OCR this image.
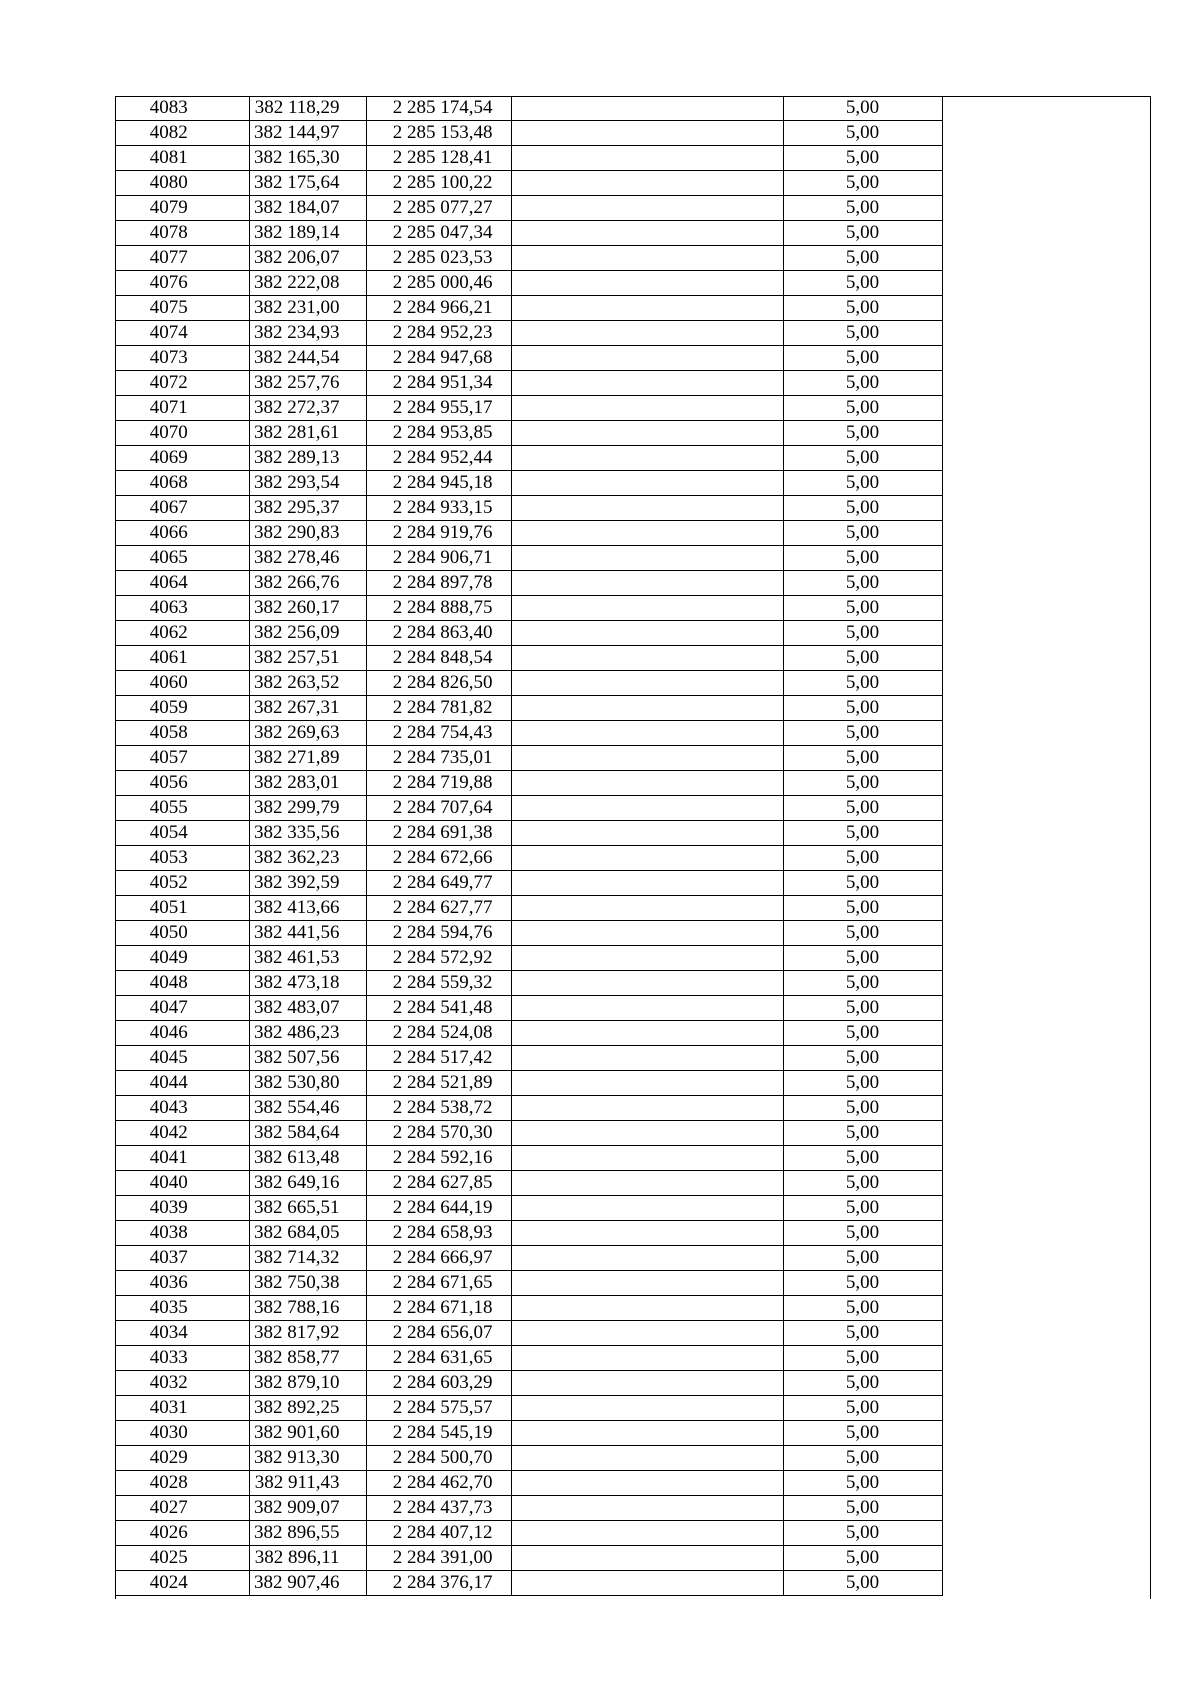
4083	382 118,29	2 285 174,54		5,00	
4082	382 144,97	2 285 153,48		5,00	
4081	382 165,30	2 285 128,41		5,00	
4080	382 175,64	2 285 100,22		5,00	
4079	382 184,07	2 285 077,27		5,00	
4078	382 189,14	2 285 047,34		5,00	
4077	382 206,07	2 285 023,53		5,00	
4076	382 222,08	2 285 000,46		5,00	
4075	382 231,00	2 284 966,21		5,00	
4074	382 234,93	2 284 952,23		5,00	
4073	382 244,54	2 284 947,68		5,00	
4072	382 257,76	2 284 951,34		5,00	
4071	382 272,37	2 284 955,17		5,00	
4070	382 281,61	2 284 953,85		5,00	
4069	382 289,13	2 284 952,44		5,00	
4068	382 293,54	2 284 945,18		5,00	
4067	382 295,37	2 284 933,15		5,00	
4066	382 290,83	2 284 919,76		5,00	
4065	382 278,46	2 284 906,71		5,00	
4064	382 266,76	2 284 897,78		5,00	
4063	382 260,17	2 284 888,75		5,00	
4062	382 256,09	2 284 863,40		5,00	
4061	382 257,51	2 284 848,54		5,00	
4060	382 263,52	2 284 826,50		5,00	
4059	382 267,31	2 284 781,82		5,00	
4058	382 269,63	2 284 754,43		5,00	
4057	382 271,89	2 284 735,01		5,00	
4056	382 283,01	2 284 719,88		5,00	
4055	382 299,79	2 284 707,64		5,00	
4054	382 335,56	2 284 691,38		5,00	
4053	382 362,23	2 284 672,66		5,00	
4052	382 392,59	2 284 649,77		5,00	
4051	382 413,66	2 284 627,77		5,00	
4050	382 441,56	2 284 594,76		5,00	
4049	382 461,53	2 284 572,92		5,00	
4048	382 473,18	2 284 559,32		5,00	
4047	382 483,07	2 284 541,48		5,00	
4046	382 486,23	2 284 524,08		5,00	
4045	382 507,56	2 284 517,42		5,00	
4044	382 530,80	2 284 521,89		5,00	
4043	382 554,46	2 284 538,72		5,00	
4042	382 584,64	2 284 570,30		5,00	
4041	382 613,48	2 284 592,16		5,00	
4040	382 649,16	2 284 627,85		5,00	
4039	382 665,51	2 284 644,19		5,00	
4038	382 684,05	2 284 658,93		5,00	
4037	382 714,32	2 284 666,97		5,00	
4036	382 750,38	2 284 671,65		5,00	
4035	382 788,16	2 284 671,18		5,00	
4034	382 817,92	2 284 656,07		5,00	
4033	382 858,77	2 284 631,65		5,00	
4032	382 879,10	2 284 603,29		5,00	
4031	382 892,25	2 284 575,57		5,00	
4030	382 901,60	2 284 545,19		5,00	
4029	382 913,30	2 284 500,70		5,00	
4028	382 911,43	2 284 462,70		5,00	
4027	382 909,07	2 284 437,73		5,00	
4026	382 896,55	2 284 407,12		5,00	
4025	382 896,11	2 284 391,00		5,00	
4024	382 907,46	2 284 376,17		5,00	
